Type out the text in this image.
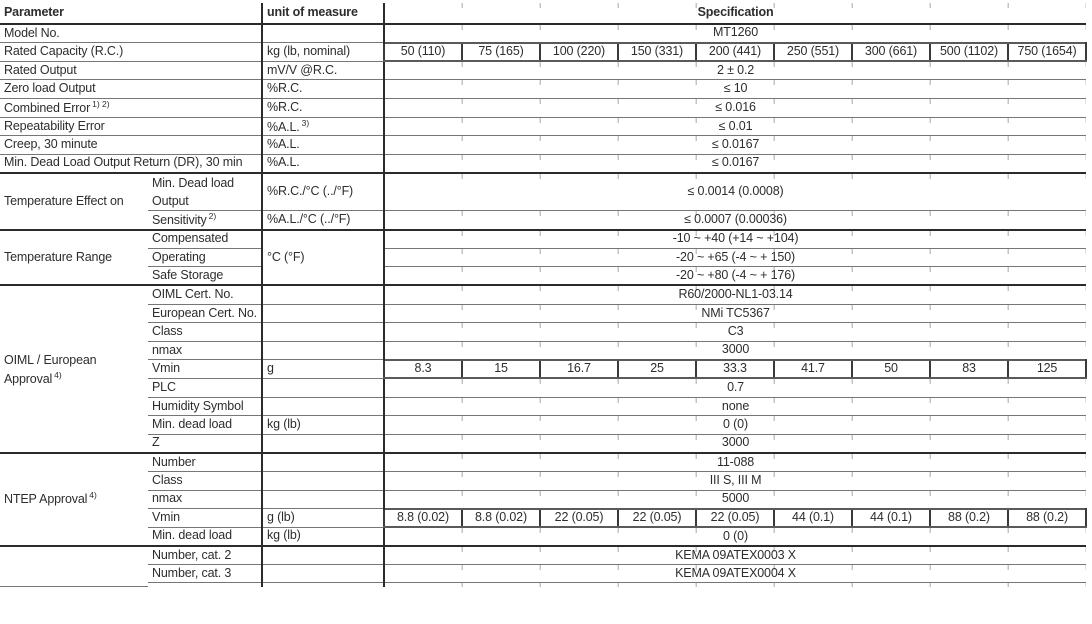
Parameter		unit of measure	Specification								
Model No.			MT1260								
Rated Capacity (R.C.)		kg (lb, nominal)	50 (110)	75 (165)	100 (220)	150 (331)	200 (441)	250 (551)	300 (661)	500 (1102)	750 (1654)
Rated Output		mV/V @R.C.	2 ± 0.2								
Zero load Output		%R.C.	≤ 10								
Combined Error $^{1) 2)}$		%R.C.	≤ 0.016								
Repeatability Error		%A.L. $^{3)}$	≤ 0.01								
Creep, 30 minute		%A.L.	≤ 0.0167								
Min. Dead Load Output Return (DR), 30 min		%A.L.	≤ 0.0167								
Temperature Effect on	Min. Dead load Output	%R.C./°C (../°F)	≤ 0.0014 (0.0008)								
	Sensitivity $^{2)}$	%A.L./°C (../°F)	≤ 0.0007 (0.00036)								
Temperature Range	Compensated	°C (°F)	-10 ~ +40 (+14 ~ +104)								
	Operating		-20 ~ +65 (-4 ~ + 150)								
	Safe Storage		-20 ~ +80 (-4 ~ + 176)								
OIML / European
Approval $^{4)}$	OIML Cert. No.		R60/2000-NL1-03.14								
	European Cert. No.		NMi TC5367								
	Class		C3								
	nmax		3000								
	Vmin	g	8.3	15	16.7	25	33.3	41.7	50	83	125
	PLC		0.7								
	Humidity Symbol		none								
	Min. dead load	kg (lb)	0 (0)								
	Z		3000								
NTEP Approval $^{4)}$	Number		11-088								
	Class		III S, III M								
	nmax		5000								
	Vmin	g (lb)	8.8 (0.02)	8.8 (0.02)	22 (0.05)	22 (0.05)	22 (0.05)	44 (0.1)	44 (0.1)	88 (0.2)	88 (0.2)
	Min. dead load	kg (lb)	0 (0)								
	Number, cat. 2		KEMA 09ATEX0003 X								
	Number, cat. 3		KEMA 09ATEX0004 X								
